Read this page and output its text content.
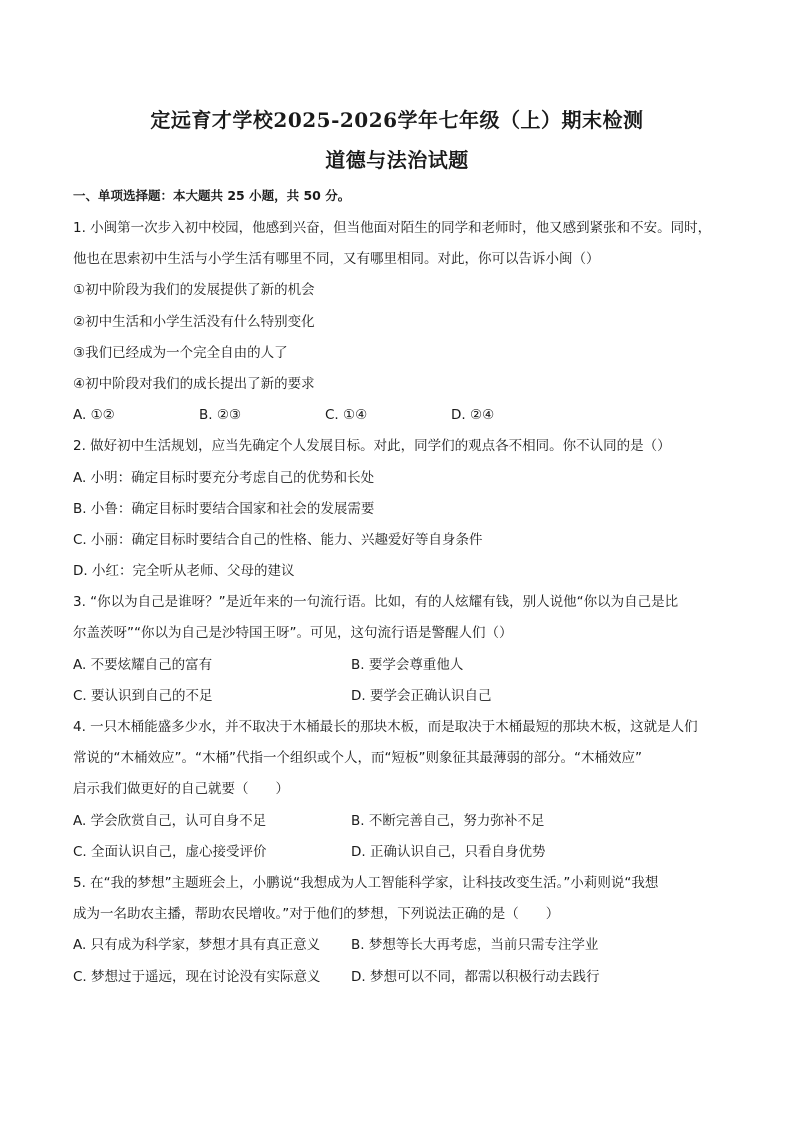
定远育才学校2025-2026学年七年级（上）期末检测
道德与法治试题
一、单项选择题：本大题共 25 小题，共 50 分。
1. 小闽第一次步入初中校园，他感到兴奋，但当他面对陌生的同学和老师时，他又感到紧张和不安。同时，
他也在思索初中生活与小学生活有哪里不同，又有哪里相同。对此，你可以告诉小闽（）
①初中阶段为我们的发展提供了新的机会
②初中生活和小学生活没有什么特别变化
③我们已经成为一个完全自由的人了
④初中阶段对我们的成长提出了新的要求
A. ①②	B. ②③	C. ①④	D. ②④
2. 做好初中生活规划，应当先确定个人发展目标。对此，同学们的观点各不相同。你不认同的是（）
A. 小明：确定目标时要充分考虑自己的优势和长处
B. 小鲁：确定目标时要结合国家和社会的发展需要
C. 小丽：确定目标时要结合自己的性格、能力、兴趣爱好等自身条件
D. 小红：完全听从老师、父母的建议
3. “你以为自己是谁呀？”是近年来的一句流行语。比如，有的人炫耀有钱，别人说他“你以为自己是比
尔盖茨呀”“你以为自己是沙特国王呀”。可见，这句流行语是警醒人们（）
A. 不要炫耀自己的富有	B. 要学会尊重他人
C. 要认识到自己的不足	D. 要学会正确认识自己
4. 一只木桶能盛多少水，并不取决于木桶最长的那块木板，而是取决于木桶最短的那块木板，这就是人们
常说的“木桶效应”。“木桶”代指一个组织或个人，而“短板”则象征其最薄弱的部分。“木桶效应”
启示我们做更好的自己就要（　　）
A. 学会欣赏自己，认可自身不足	B. 不断完善自己，努力弥补不足
C. 全面认识自己，虚心接受评价	D. 正确认识自己，只看自身优势
5. 在“我的梦想”主题班会上，小鹏说“我想成为人工智能科学家，让科技改变生活。”小莉则说“我想
成为一名助农主播，帮助农民增收。”对于他们的梦想，下列说法正确的是（　　）
A. 只有成为科学家，梦想才具有真正意义	B. 梦想等长大再考虑，当前只需专注学业
C. 梦想过于遥远，现在讨论没有实际意义	D. 梦想可以不同，都需以积极行动去践行
